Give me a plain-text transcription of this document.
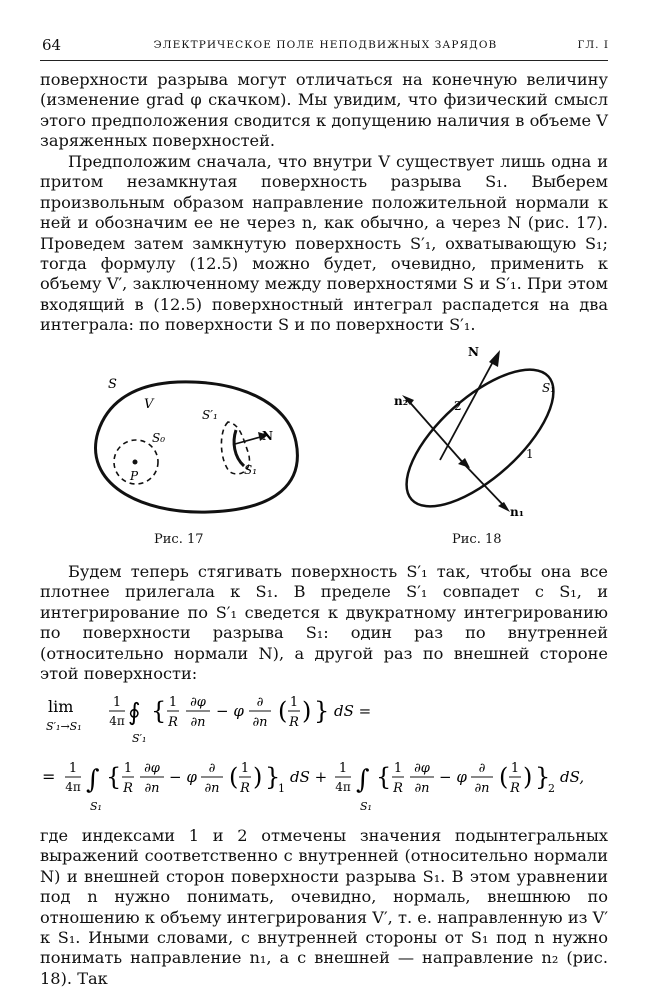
64	ЭЛЕКТРИЧЕСКОЕ ПОЛЕ НЕПОДВИЖНЫХ ЗАРЯДОВ	ГЛ. I

поверхности разрыва могут отличаться на конечную величину (изменение grad φ скачком). Мы увидим, что физический смысл этого предположения сводится к допущению наличия в объеме V заряженных поверхностей.

Предположим сначала, что внутри V существует лишь одна и притом незамкнутая поверхность разрыва S₁. Выберем произвольным образом направление положительной нормали к ней и обозначим ее не через n, как обычно, а через N (рис. 17). Проведем затем замкнутую поверхность S′₁, охватывающую S₁; тогда формулу (12.5) можно будет, очевидно, применить к объему V′, заключенному между поверхностями S и S′₁. При этом входящий в (12.5) поверхностный интеграл распадется на два интеграла: по поверхности S и по поверхности S′₁.

S
V
S₀
P
S′₁
N
S₁
Рис. 17
N
n₂	2
S₁
1
n₁
Рис. 18

Будем теперь стягивать поверхность S′₁ так, чтобы она все плотнее прилегала к S₁. В пределе S′₁ совпадет с S₁, и интегрирование по S′₁ сведется к двукратному интегрированию по поверхности разрыва S₁: один раз по внутренней (относительно нормали N), а другой раз по внешней стороне этой поверхности:

lim
S′₁→S₁
1
4π ∮
S′₁
{ 1
R
∂φ
∂n
− φ ∂
∂n ( 1
R ) } dS =
= 1
4π ∫
S₁
{ 1
R
∂φ
∂n
− φ ∂
∂n ( 1
R ) }
1
dS + 1
4π ∫
S₁
{ 1
R
∂φ
∂n
− φ ∂
∂n ( 1
R ) }
2
dS,

где индексами 1 и 2 отмечены значения подынтегральных выражений соответственно с внутренней (относительно нормали N) и внешней сторон поверхности разрыва S₁. В этом уравнении под n нужно понимать, очевидно, нормаль, внешнюю по отношению к объему интегрирования V′, т. е. направленную из V′ к S₁. Иными словами, с внутренней стороны от S₁ под n нужно понимать направление n₁, а с внешней — направление n₂ (рис. 18). Так
